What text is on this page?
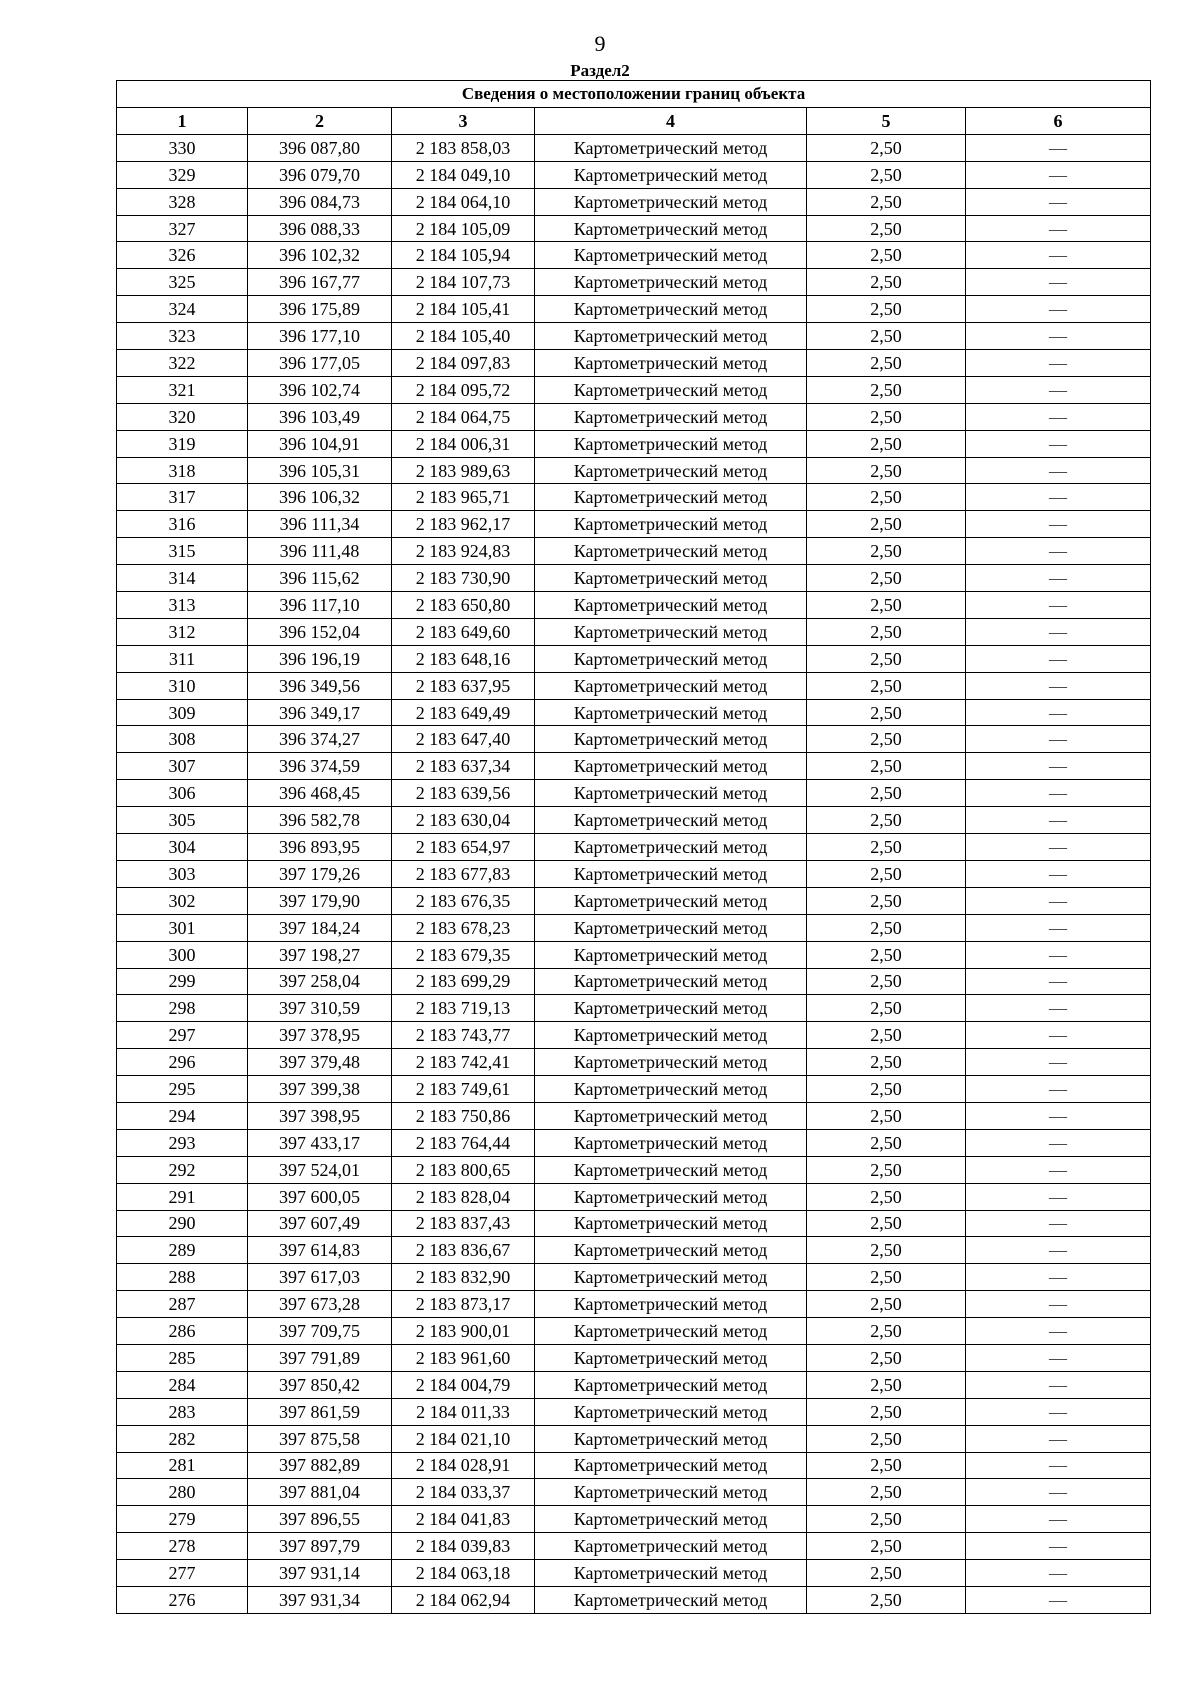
9
Раздел2
Сведения о местоположении границ объекта					
1	2	3	4	5	6
330	396 087,80	2 183 858,03	Картометрический метод	2,50	—
329	396 079,70	2 184 049,10	Картометрический метод	2,50	—
328	396 084,73	2 184 064,10	Картометрический метод	2,50	—
327	396 088,33	2 184 105,09	Картометрический метод	2,50	—
326	396 102,32	2 184 105,94	Картометрический метод	2,50	—
325	396 167,77	2 184 107,73	Картометрический метод	2,50	—
324	396 175,89	2 184 105,41	Картометрический метод	2,50	—
323	396 177,10	2 184 105,40	Картометрический метод	2,50	—
322	396 177,05	2 184 097,83	Картометрический метод	2,50	—
321	396 102,74	2 184 095,72	Картометрический метод	2,50	—
320	396 103,49	2 184 064,75	Картометрический метод	2,50	—
319	396 104,91	2 184 006,31	Картометрический метод	2,50	—
318	396 105,31	2 183 989,63	Картометрический метод	2,50	—
317	396 106,32	2 183 965,71	Картометрический метод	2,50	—
316	396 111,34	2 183 962,17	Картометрический метод	2,50	—
315	396 111,48	2 183 924,83	Картометрический метод	2,50	—
314	396 115,62	2 183 730,90	Картометрический метод	2,50	—
313	396 117,10	2 183 650,80	Картометрический метод	2,50	—
312	396 152,04	2 183 649,60	Картометрический метод	2,50	—
311	396 196,19	2 183 648,16	Картометрический метод	2,50	—
310	396 349,56	2 183 637,95	Картометрический метод	2,50	—
309	396 349,17	2 183 649,49	Картометрический метод	2,50	—
308	396 374,27	2 183 647,40	Картометрический метод	2,50	—
307	396 374,59	2 183 637,34	Картометрический метод	2,50	—
306	396 468,45	2 183 639,56	Картометрический метод	2,50	—
305	396 582,78	2 183 630,04	Картометрический метод	2,50	—
304	396 893,95	2 183 654,97	Картометрический метод	2,50	—
303	397 179,26	2 183 677,83	Картометрический метод	2,50	—
302	397 179,90	2 183 676,35	Картометрический метод	2,50	—
301	397 184,24	2 183 678,23	Картометрический метод	2,50	—
300	397 198,27	2 183 679,35	Картометрический метод	2,50	—
299	397 258,04	2 183 699,29	Картометрический метод	2,50	—
298	397 310,59	2 183 719,13	Картометрический метод	2,50	—
297	397 378,95	2 183 743,77	Картометрический метод	2,50	—
296	397 379,48	2 183 742,41	Картометрический метод	2,50	—
295	397 399,38	2 183 749,61	Картометрический метод	2,50	—
294	397 398,95	2 183 750,86	Картометрический метод	2,50	—
293	397 433,17	2 183 764,44	Картометрический метод	2,50	—
292	397 524,01	2 183 800,65	Картометрический метод	2,50	—
291	397 600,05	2 183 828,04	Картометрический метод	2,50	—
290	397 607,49	2 183 837,43	Картометрический метод	2,50	—
289	397 614,83	2 183 836,67	Картометрический метод	2,50	—
288	397 617,03	2 183 832,90	Картометрический метод	2,50	—
287	397 673,28	2 183 873,17	Картометрический метод	2,50	—
286	397 709,75	2 183 900,01	Картометрический метод	2,50	—
285	397 791,89	2 183 961,60	Картометрический метод	2,50	—
284	397 850,42	2 184 004,79	Картометрический метод	2,50	—
283	397 861,59	2 184 011,33	Картометрический метод	2,50	—
282	397 875,58	2 184 021,10	Картометрический метод	2,50	—
281	397 882,89	2 184 028,91	Картометрический метод	2,50	—
280	397 881,04	2 184 033,37	Картометрический метод	2,50	—
279	397 896,55	2 184 041,83	Картометрический метод	2,50	—
278	397 897,79	2 184 039,83	Картометрический метод	2,50	—
277	397 931,14	2 184 063,18	Картометрический метод	2,50	—
276	397 931,34	2 184 062,94	Картометрический метод	2,50	—
